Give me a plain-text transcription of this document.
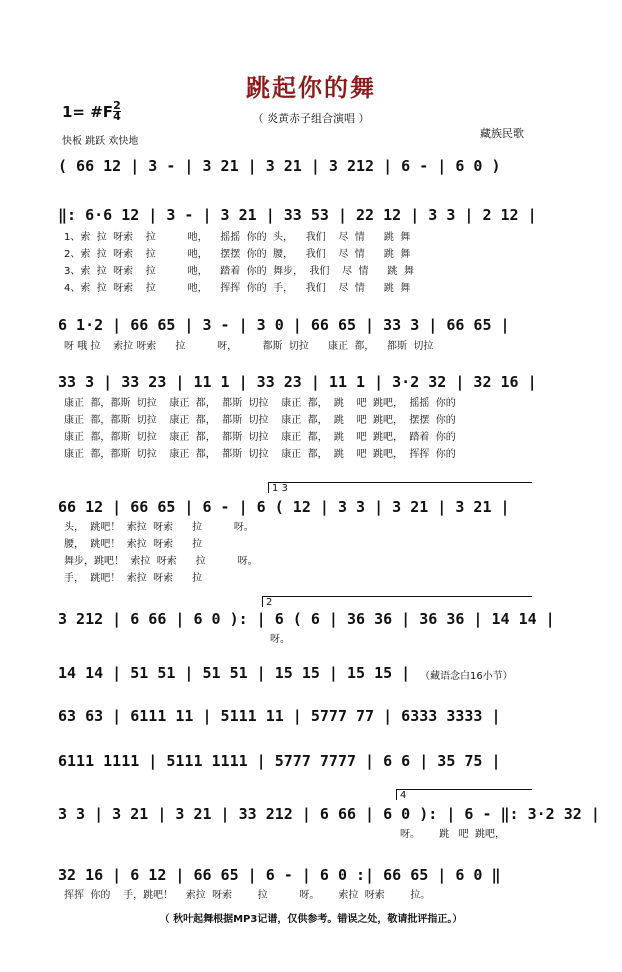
跳起你的舞
1= #F 2
4	（ 炎黄赤子组合演唱 ）
藏族民歌
快板 跳跃 欢快地
( 66 12 | 3 - | 3 21 | 3 21 | 3 212 | 6 - | 6 0 )
‖: 6·6 12 | 3 - | 3 21 | 33 53 | 22 12 | 3 3 | 2 12 |
1、索  拉  呀索    拉          吔，    摇摇  你的  头，    我们    尽  情      跳  舞
2、索  拉  呀索    拉          吔，    摆摆  你的  腰，    我们    尽  情      跳  舞
3、索  拉  呀索    拉          吔，    踏着  你的  舞步，  我们    尽  情      跳  舞
4、索  拉  呀索    拉          吔，    挥挥  你的  手，    我们    尽  情      跳  舞
6 1·2 | 66 65 | 3 - | 3 0 | 66 65 | 33 3 | 66 65 |
呀 哦 拉    索拉 呀索      拉          呀，        都斯  切拉      康正  都，    都斯  切拉
33 3 | 33 23 | 11 1 | 33 23 | 11 1 | 3·2 32 | 32 16 |
康正  都，都斯  切拉    康正  都，  都斯  切拉    康正  都，  跳    吧  跳吧，  摇摇  你的
康正  都，都斯  切拉    康正  都，  都斯  切拉    康正  都，  跳    吧  跳吧，  摆摆  你的
康正  都，都斯  切拉    康正  都，  都斯  切拉    康正  都，  跳    吧  跳吧，  踏着  你的
康正  都，都斯  切拉    康正  都，  都斯  切拉    康正  都，  跳    吧  跳吧，  挥挥  你的
1 3
66 12 | 66 65 | 6 - | 6 ( 12 | 3 3 | 3 21 | 3 21 |
头，  跳吧！  索拉  呀索      拉          呀。
腰，  跳吧！  索拉  呀索      拉
舞步，跳吧！  索拉  呀索      拉          呀。
手，  跳吧！  索拉  呀索      拉
2
3 212 | 6 66 | 6 0 ): | 6 ( 6 | 36 36 | 36 36 | 14 14 |
呀。
14 14 | 51 51 | 51 51 | 15 15 | 15 15 | （藏语念白16小节）
63 63 | 6111 11 | 5111 11 | 5777 77 | 6333 3333 |
6111 1111 | 5111 1111 | 5777 7777 | 6 6 | 35 75 |
4
3 3 | 3 21 | 3 21 | 33 212 | 6 66 | 6 0 ): | 6 - ‖: 3·2 32 |
呀。      跳   吧  跳吧，
32 16 | 6 12 | 66 65 | 6 - | 6 0 :| 66 65 | 6 0 ‖
挥挥  你的    手，跳吧！    索拉  呀索        拉          呀。      索拉  呀索        拉。
（ 秋叶起舞根据MP3记谱，仅供参考。错误之处，敬请批评指正。）
